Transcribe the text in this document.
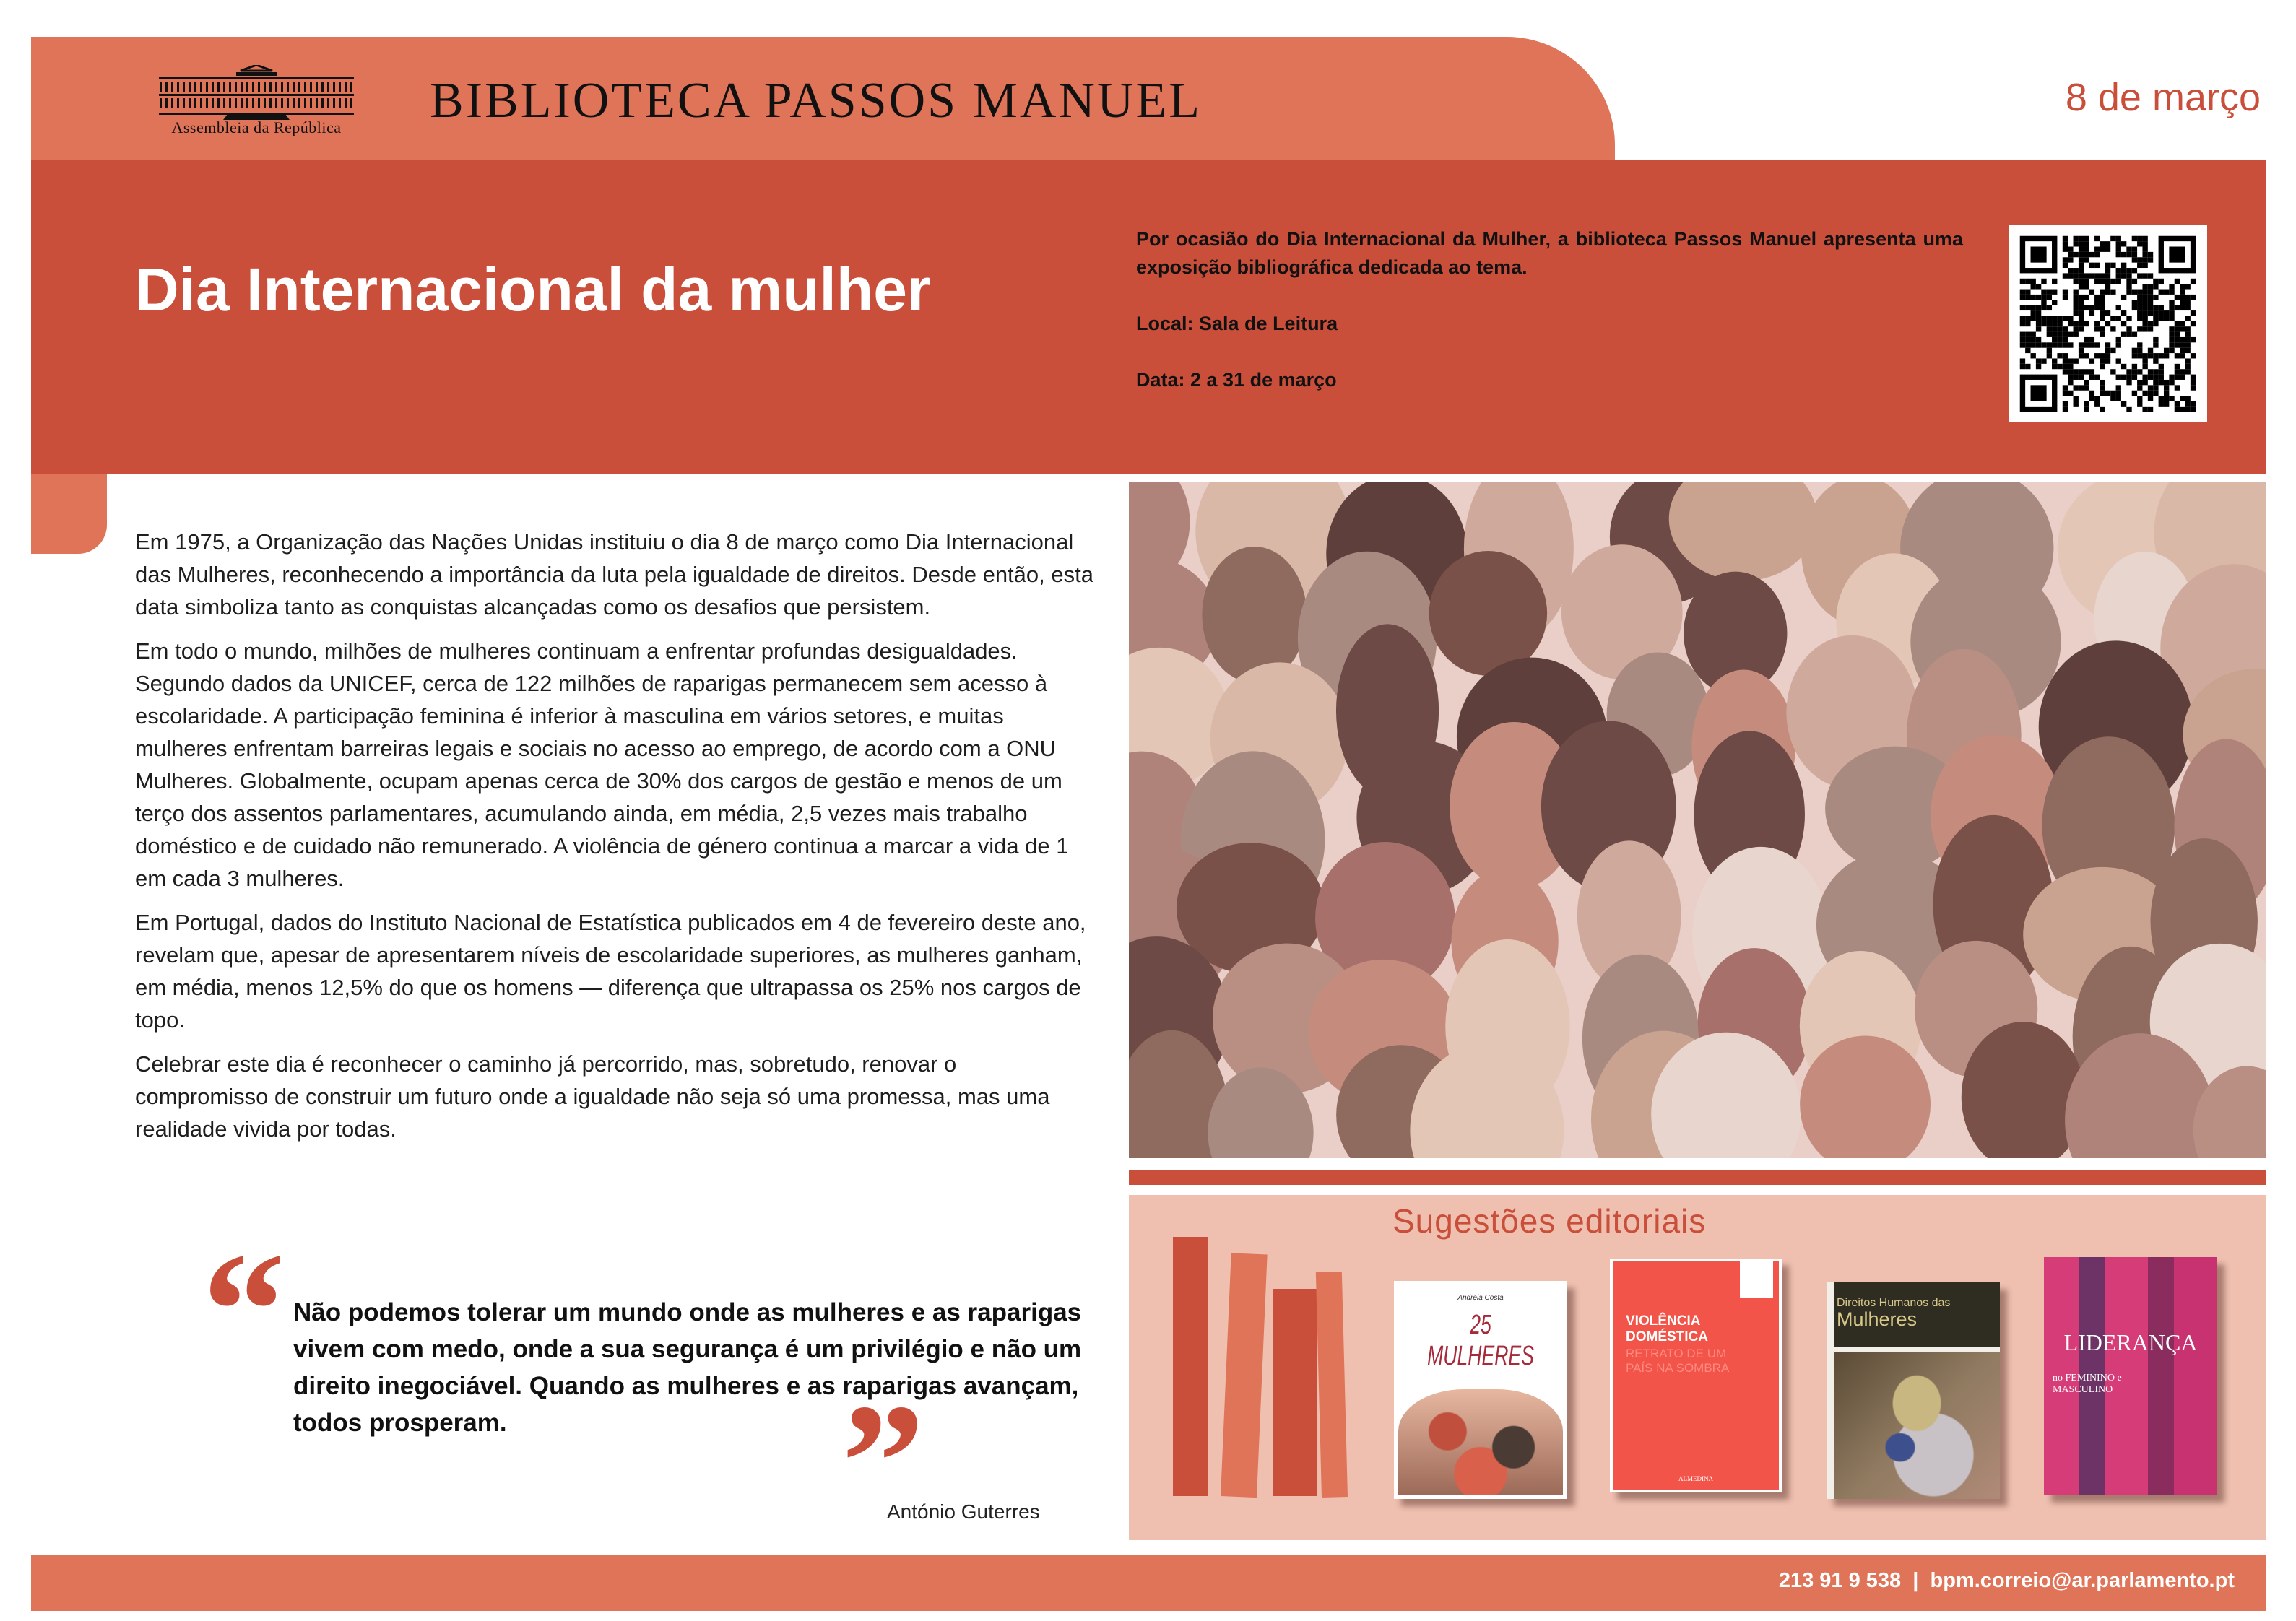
Assembleia da República	BIBLIOTECA PASSOS MANUEL	8 de março
Dia Internacional da mulher

Por ocasião do Dia Internacional da Mulher, a biblioteca Passos Manuel apresenta uma exposição bibliográfica dedicada ao tema.

Local: Sala de Leitura

Data: 2 a 31 de março

Em 1975, a Organização das Nações Unidas instituiu o dia 8 de março como Dia Internacional das Mulheres, reconhecendo a importância da luta pela igualdade de direitos. Desde então, esta data simboliza tanto as conquistas alcançadas como os desafios que persistem.

Em todo o mundo, milhões de mulheres continuam a enfrentar profundas desigualdades. Segundo dados da UNICEF, cerca de 122 milhões de raparigas permanecem sem acesso à escolaridade. A participação feminina é inferior à masculina em vários setores, e muitas mulheres enfrentam barreiras legais e sociais no acesso ao emprego, de acordo com a ONU Mulheres. Globalmente, ocupam apenas cerca de 30% dos cargos de gestão e menos de um terço dos assentos parlamentares, acumulando ainda, em média, 2,5 vezes mais trabalho doméstico e de cuidado não remunerado. A violência de género continua a marcar a vida de 1 em cada 3 mulheres.

Em Portugal, dados do Instituto Nacional de Estatística publicados em 4 de fevereiro deste ano, revelam que, apesar de apresentarem níveis de escolaridade superiores, as mulheres ganham, em média, menos 12,5% do que os homens — diferença que ultrapassa os 25% nos cargos de topo.

Celebrar este dia é reconhecer o caminho já percorrido, mas, sobretudo, renovar o compromisso de construir um futuro onde a igualdade não seja só uma promessa, mas uma realidade vivida por todas.

“ Não podemos tolerar um mundo onde as mulheres e as raparigas vivem com medo, onde a sua segurança é um privilégio e não um direito inegociável. Quando as mulheres e as raparigas avançam, todos prosperam.	”
António Guterres
Sugestões editoriais
Andreia Costa
25 MULHERES
VIOLÊNCIA DOMÉSTICA
RETRATO DE UM PAÍS NA SOMBRA
ALMEDINA
Direitos Humanos das
Mulheres
LIDERANÇA
no FEMININO e MASCULINO
213 91 9 538  |  bpm.correio@ar.parlamento.pt
